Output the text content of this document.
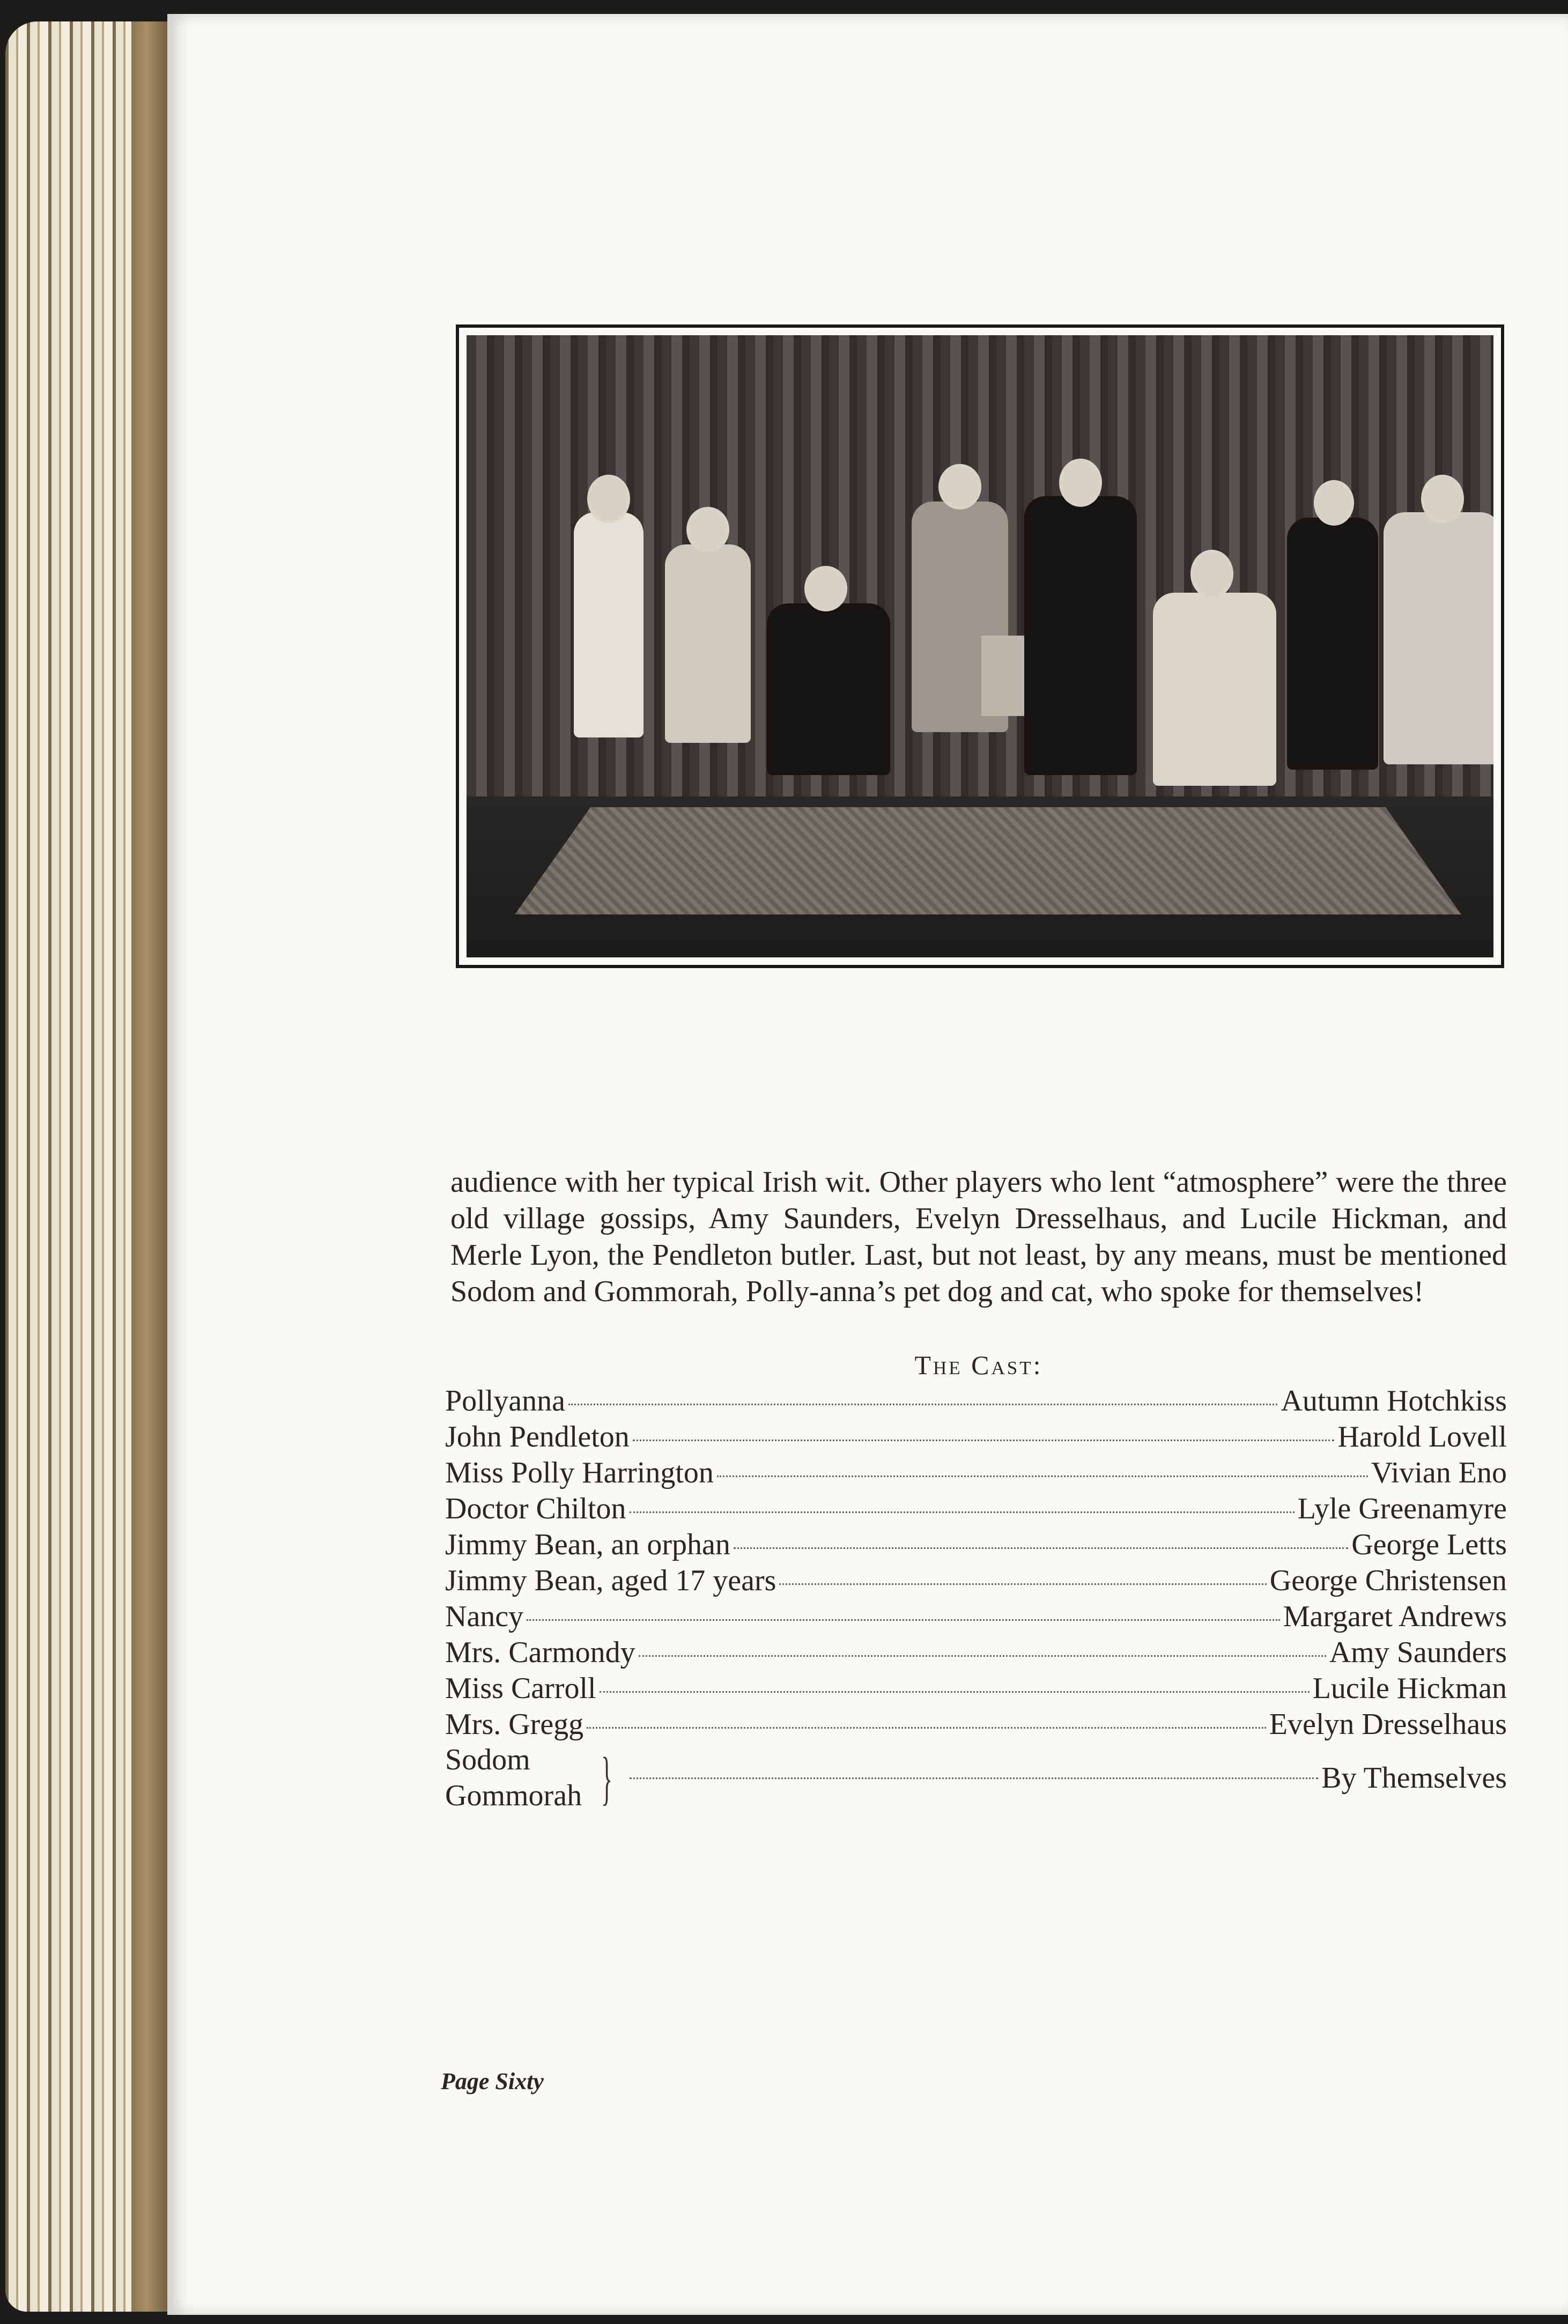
audience with her typical Irish wit. Other players who lent “atmosphere” were the three old village gossips, Amy Saunders, Evelyn Dresselhaus, and Lucile Hickman, and Merle Lyon, the Pendleton butler. Last, but not least, by any means, must be mentioned Sodom and Gommorah, Polly-anna’s pet dog and cat, who spoke for themselves!
The Cast:
Pollyanna	Autumn Hotchkiss
John Pendleton	Harold Lovell
Miss Polly Harrington	Vivian Eno
Doctor Chilton	Lyle Greenamyre
Jimmy Bean, an orphan	George Letts
Jimmy Bean, aged 17 years	George Christensen
Nancy	Margaret Andrews
Mrs. Carmondy	Amy Saunders
Miss Carroll	Lucile Hickman
Mrs. Gregg	Evelyn Dresselhaus
Sodom
Gommorah }	By Themselves
Page Sixty
